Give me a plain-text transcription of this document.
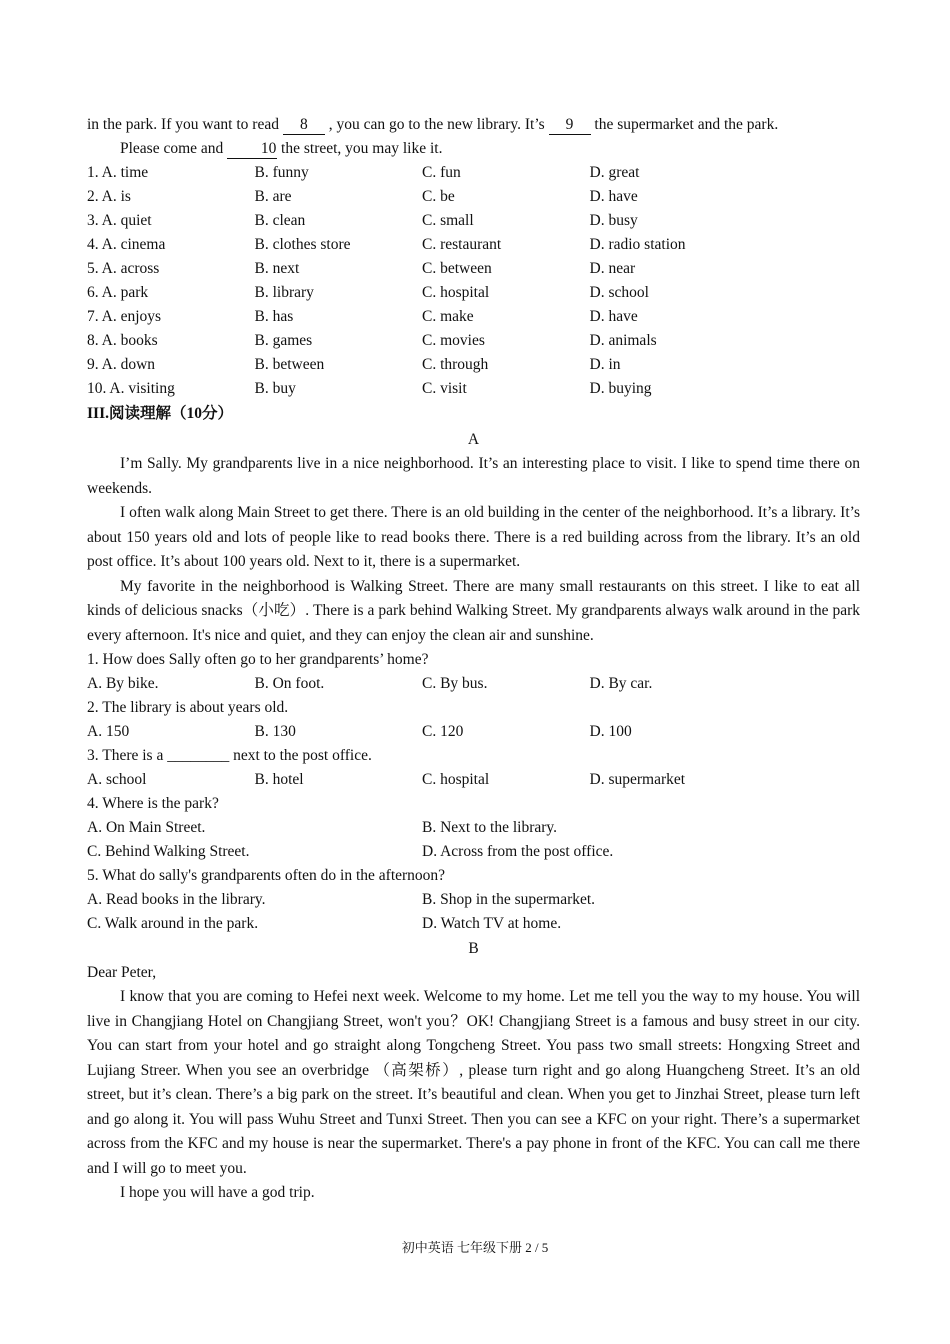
in the park. If you want to read 8 , you can go to the new library. It’s 9 the supermarket and the park.
Please come and 10 the street, you may like it.
1. A. time	B. funny	C. fun	D. great
2. A. is	B. are	C. be	D. have
3. A. quiet	B. clean	C. small	D. busy
4. A. cinema	B. clothes store	C. restaurant	D. radio station
5. A. across	B. next	C. between	D. near
6. A. park	B. library	C. hospital	D. school
7. A. enjoys	B. has	C. make	D. have
8. A. books	B. games	C. movies	D. animals
9. A. down	B. between	C. through	D. in
10. A. visiting	B. buy	C. visit	D. buying
III.阅读理解（10分）
A
I’m Sally. My grandparents live in a nice neighborhood. It’s an interesting place to visit. I like to spend time there on weekends.
I often walk along Main Street to get there. There is an old building in the center of the neighborhood. It’s a library. It’s about 150 years old and lots of people like to read books there. There is a red building across from the library. It’s an old post office. It’s about 100 years old. Next to it, there is a supermarket.
My favorite in the neighborhood is Walking Street. There are many small restaurants on this street. I like to eat all kinds of delicious snacks（小吃）. There is a park behind Walking Street. My grandparents always walk around in the park every afternoon. It's nice and quiet, and they can enjoy the clean air and sunshine.
1. How does Sally often go to her grandparents’ home?
A. By bike.	B. On foot.	C. By bus.	D. By car.
2. The library is about years old.
A. 150	B. 130	C. 120	D. 100
3. There is a ________ next to the post office.
A. school	B. hotel	C. hospital	D. supermarket
4. Where is the park?
A. On Main Street.	B. Next to the library.
C. Behind Walking Street.	D. Across from the post office.
5. What do sally's grandparents often do in the afternoon?
A. Read books in the library.	B. Shop in the supermarket.
C. Walk around in the park.	D. Watch TV at home.
B
Dear Peter,
I know that you are coming to Hefei next week. Welcome to my home. Let me tell you the way to my house. You will live in Changjiang Hotel on Changjiang Street, won't you？OK! Changjiang Street is a famous and busy street in our city. You can start from your hotel and go straight along Tongcheng Street. You pass two small streets: Hongxing Street and Lujiang Streer. When you see an overbridge （高架桥）, please turn right and go along Huangcheng Street. It’s an old street, but it’s clean. There’s a big park on the street. It’s beautiful and clean. When you get to Jinzhai Street, please turn left and go along it. You will pass Wuhu Street and Tunxi Street. Then you can see a KFC on your right. There’s a supermarket across from the KFC and my house is near the supermarket. There's a pay phone in front of the KFC. You can call me there and I will go to meet you.
I hope you will have a god trip.
初中英语 七年级下册 2 / 5
